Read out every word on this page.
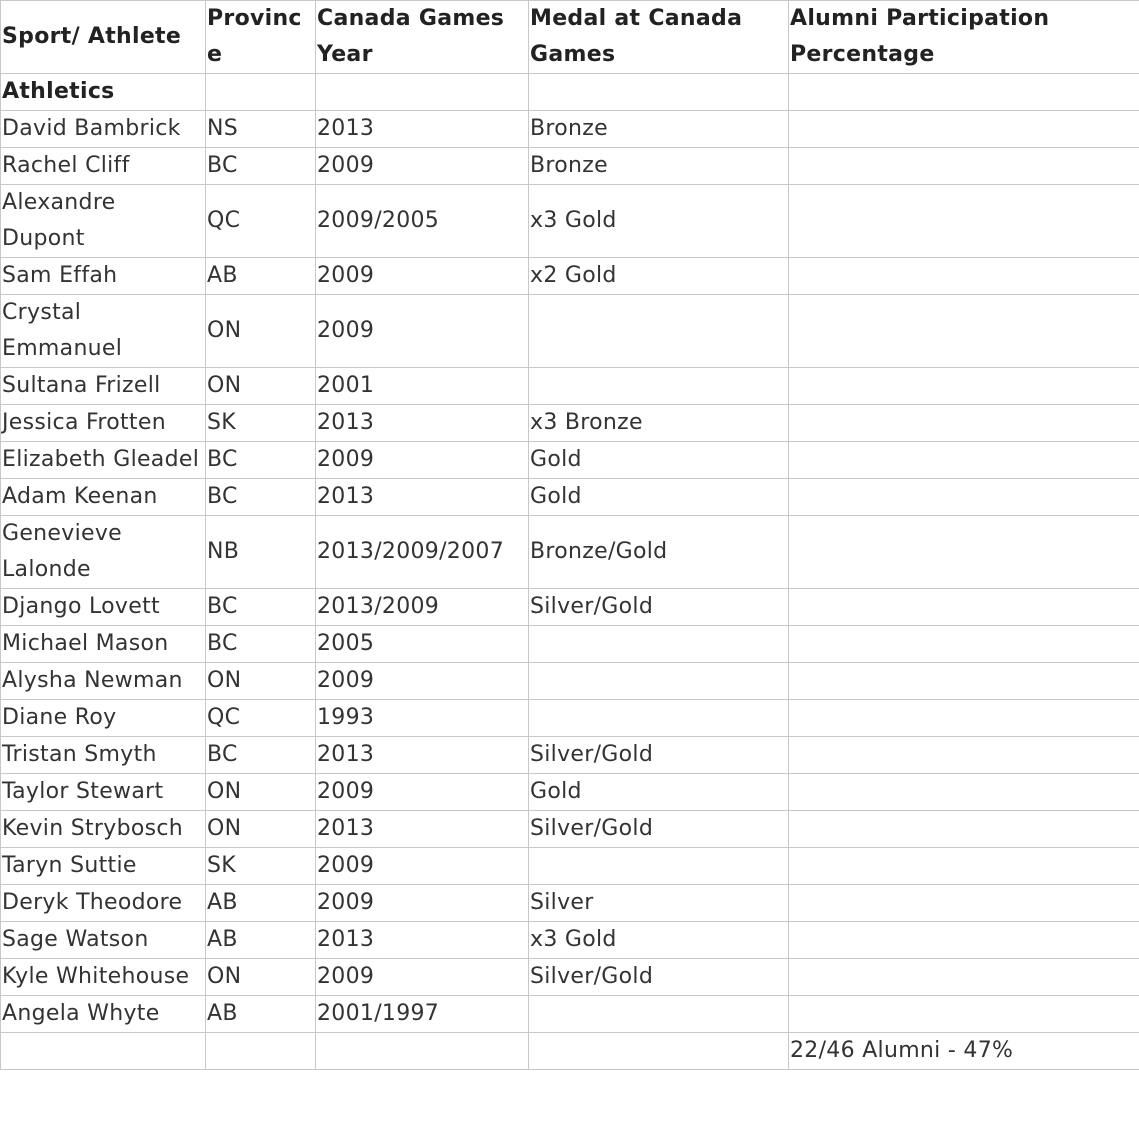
Sport/ Athlete	Province	Canada Games Year	Medal at Canada Games	Alumni Participation Percentage
Athletics				
David Bambrick	NS	2013	Bronze	
Rachel Cliff	BC	2009	Bronze	
Alexandre Dupont	QC	2009/2005	x3 Gold	
Sam Effah	AB	2009	x2 Gold	
Crystal Emmanuel	ON	2009		
Sultana Frizell	ON	2001		
Jessica Frotten	SK	2013	x3 Bronze	
Elizabeth Gleadel	BC	2009	Gold	
Adam Keenan	BC	2013	Gold	
Genevieve Lalonde	NB	2013/2009/2007	Bronze/Gold	
Django Lovett	BC	2013/2009	Silver/Gold	
Michael Mason	BC	2005		
Alysha Newman	ON	2009		
Diane Roy	QC	1993		
Tristan Smyth	BC	2013	Silver/Gold	
Taylor Stewart	ON	2009	Gold	
Kevin Strybosch	ON	2013	Silver/Gold	
Taryn Suttie	SK	2009		
Deryk Theodore	AB	2009	Silver	
Sage Watson	AB	2013	x3 Gold	
Kyle Whitehouse	ON	2009	Silver/Gold	
Angela Whyte	AB	2001/1997		
				22/46 Alumni - 47%
